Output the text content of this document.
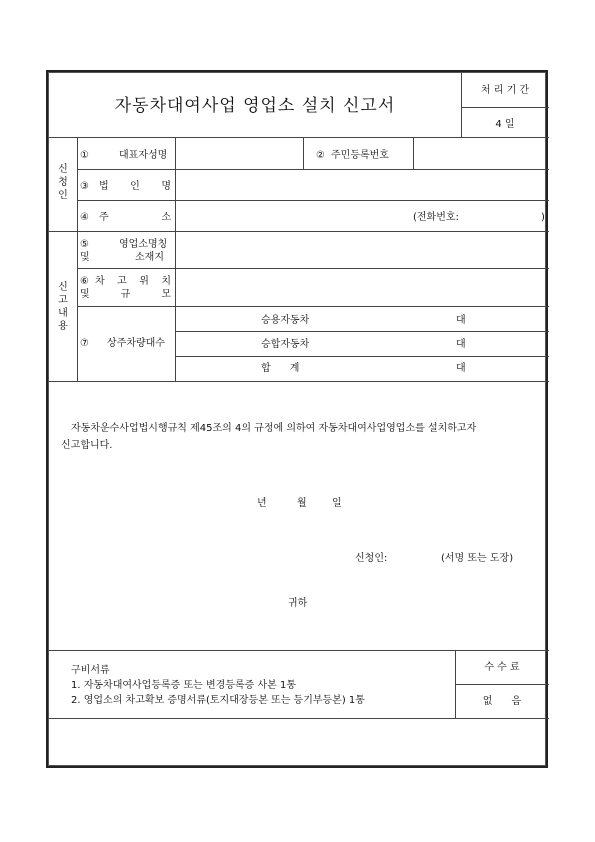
자동차대여사업 영업소 설치 신고서
처 리 기 간
4 일
신
청
인
①	대표자성명	② 주민등록번호
③ 법 인 명
④ 주	소	(전화번호:	)
신
고
내
용
⑤	영업소명칭
및	소재지
⑥ 차 고 위 치
및	규	모
⑦ 상주차량대수
승용자동차	대
승합자동차	대
합      계	대
자동차운수사업법시행규칙 제45조의 4의 규정에 의하여 자동차대여사업영업소를 설치하고자
신고합니다.
년	월	일
신청인:	(서명 또는 도장)
귀하
구비서류
1. 자동차대여사업등록증 또는 변경등록증 사본 1통
2. 영업소의 차고확보 증명서류(토지대장등본 또는 등기부등본) 1통
수 수 료
없      음
